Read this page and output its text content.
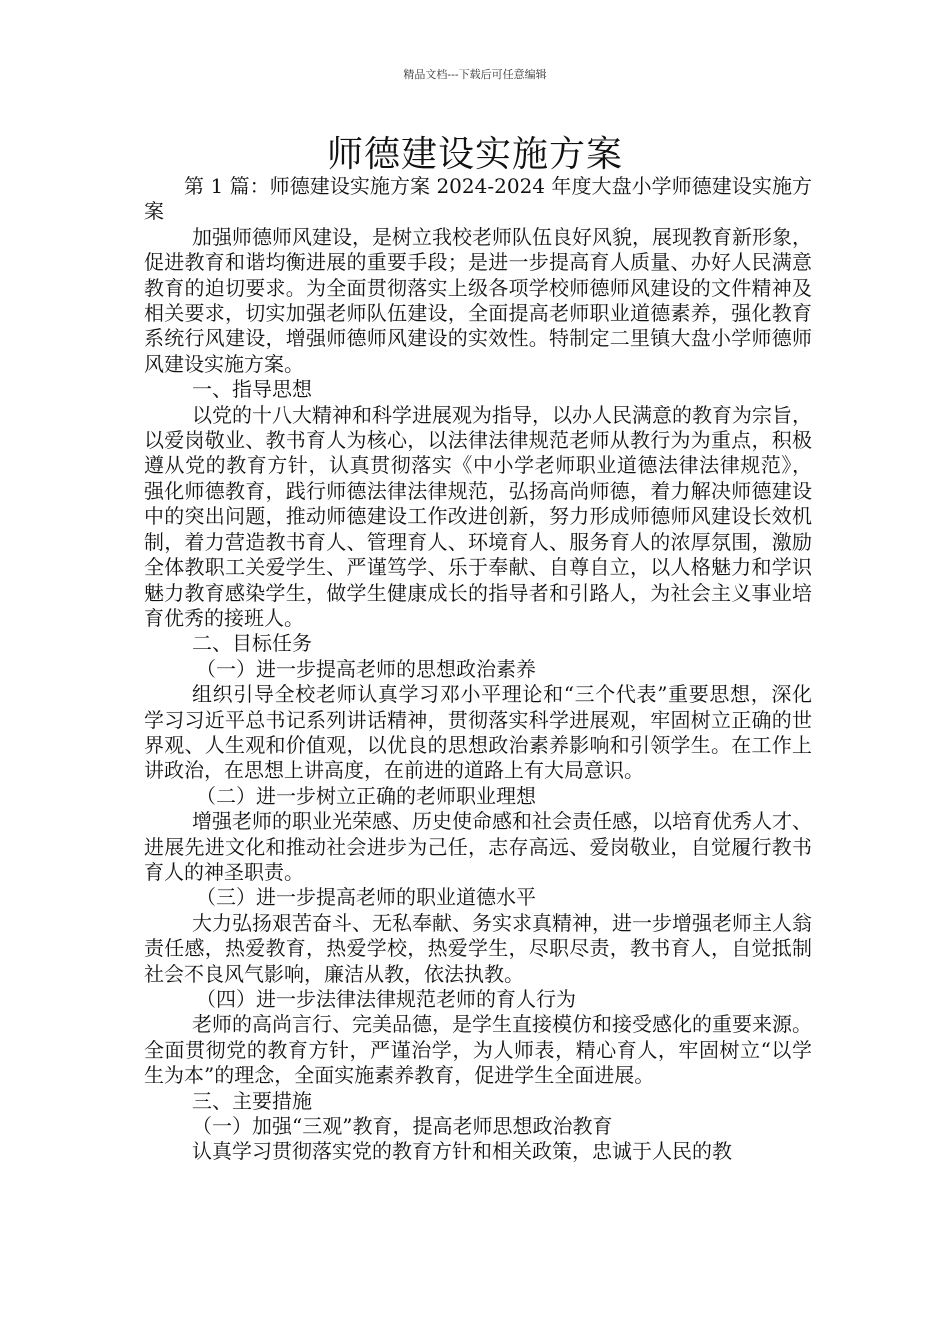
精品文档---下载后可任意编辑
师德建设实施方案

第 1 篇：师德建设实施方案 2024-2024 年度大盘小学师德建设实施方案

加强师德师风建设，是树立我校老师队伍良好风貌，展现教育新形象，促进教育和谐均衡进展的重要手段；是进一步提高育人质量、办好人民满意教育的迫切要求。为全面贯彻落实上级各项学校师德师风建设的文件精神及相关要求，切实加强老师队伍建设，全面提高老师职业道德素养，强化教育系统行风建设，增强师德师风建设的实效性。特制定二里镇大盘小学师德师风建设实施方案。

一、指导思想

以党的十八大精神和科学进展观为指导，以办人民满意的教育为宗旨，以爱岗敬业、教书育人为核心，以法律法律规范老师从教行为为重点，积极遵从党的教育方针，认真贯彻落实《中小学老师职业道德法律法律规范》，强化师德教育，践行师德法律法律规范，弘扬高尚师德，着力解决师德建设中的突出问题，推动师德建设工作改进创新，努力形成师德师风建设长效机制，着力营造教书育人、管理育人、环境育人、服务育人的浓厚氛围，激励全体教职工关爱学生、严谨笃学、乐于奉献、自尊自立，以人格魅力和学识魅力教育感染学生，做学生健康成长的指导者和引路人，为社会主义事业培育优秀的接班人。

二、目标任务

（一）进一步提高老师的思想政治素养

组织引导全校老师认真学习邓小平理论和“三个代表”重要思想，深化学习习近平总书记系列讲话精神，贯彻落实科学进展观，牢固树立正确的世界观、人生观和价值观，以优良的思想政治素养影响和引领学生。在工作上讲政治，在思想上讲高度，在前进的道路上有大局意识。

（二）进一步树立正确的老师职业理想

增强老师的职业光荣感、历史使命感和社会责任感，以培育优秀人才、进展先进文化和推动社会进步为己任，志存高远、爱岗敬业，自觉履行教书育人的神圣职责。

（三）进一步提高老师的职业道德水平

大力弘扬艰苦奋斗、无私奉献、务实求真精神，进一步增强老师主人翁责任感，热爱教育，热爱学校，热爱学生，尽职尽责，教书育人，自觉抵制社会不良风气影响，廉洁从教，依法执教。

（四）进一步法律法律规范老师的育人行为

老师的高尚言行、完美品德，是学生直接模仿和接受感化的重要来源。全面贯彻党的教育方针，严谨治学，为人师表，精心育人，牢固树立“以学生为本”的理念，全面实施素养教育，促进学生全面进展。

三、主要措施

（一）加强“三观”教育，提高老师思想政治教育

认真学习贯彻落实党的教育方针和相关政策，忠诚于人民的教
